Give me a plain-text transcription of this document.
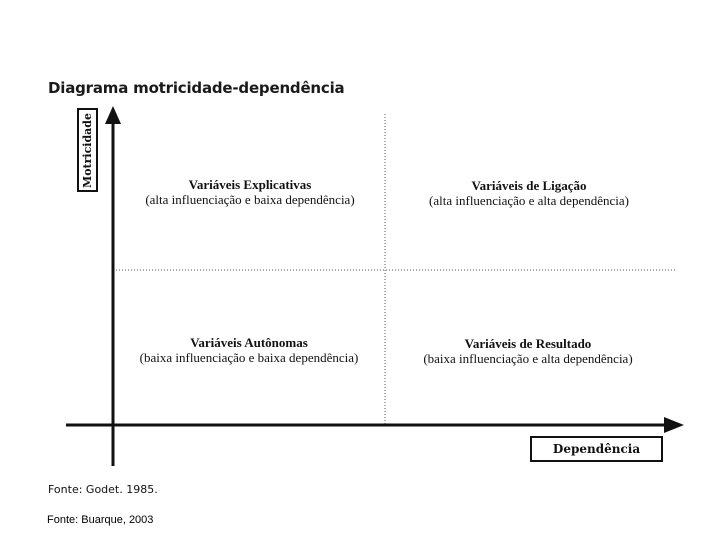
Diagrama motricidade-dependência
Motricidade	Variáveis Explicativas
(alta influenciação e baixa dependência)
Variáveis de Ligação
(alta influenciação e alta dependência)
Variáveis Autônomas
(baixa influenciação e baixa dependência)
Variáveis de Resultado
(baixa influenciação e alta dependência)
Dependência
Fonte: Godet. 1985.
Fonte: Buarque, 2003
